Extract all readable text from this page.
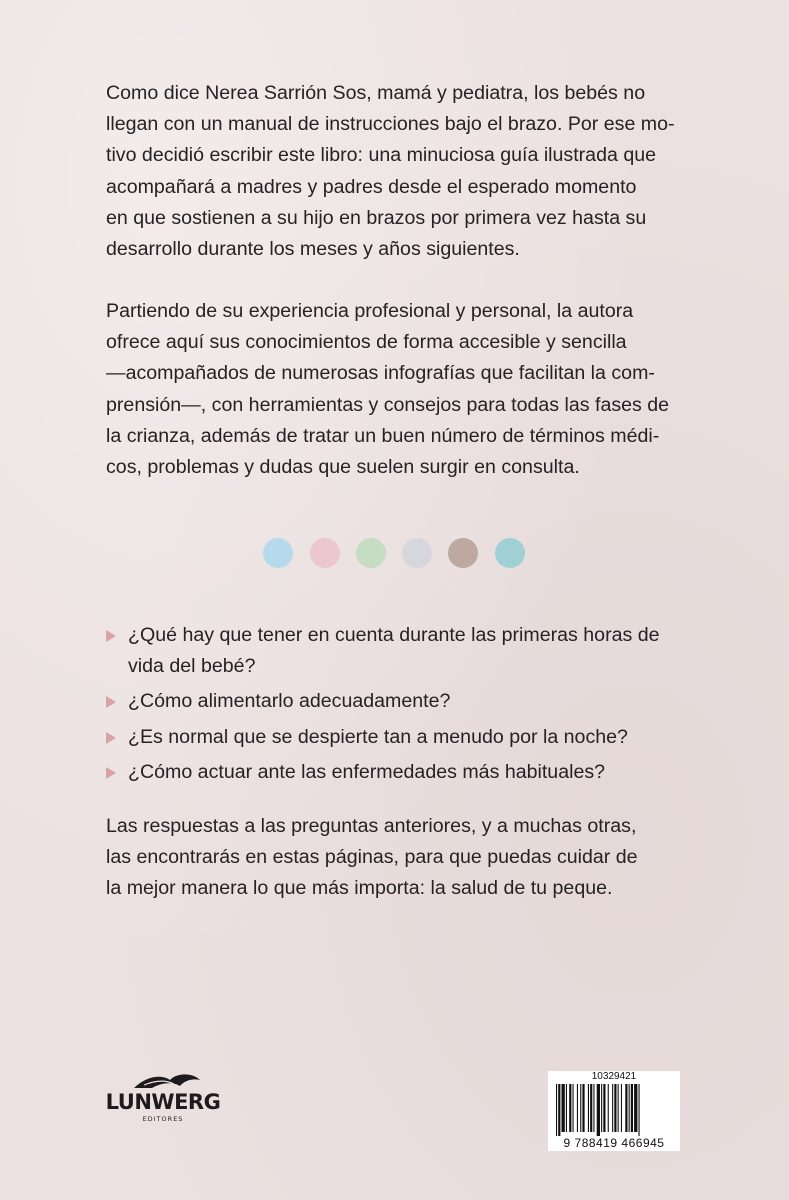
Como dice Nerea Sarrión Sos, mamá y pediatra, los bebés no
llegan con un manual de instrucciones bajo el brazo. Por ese mo-
tivo decidió escribir este libro: una minuciosa guía ilustrada que
acompañará a madres y padres desde el esperado momento
en que sostienen a su hijo en brazos por primera vez hasta su
desarrollo durante los meses y años siguientes.

Partiendo de su experiencia profesional y personal, la autora
ofrece aquí sus conocimientos de forma accesible y sencilla
—acompañados de numerosas infografías que facilitan la com-
prensión—, con herramientas y consejos para todas las fases de
la crianza, además de tratar un buen número de términos médi-
cos, problemas y dudas que suelen surgir en consulta.

¿Qué hay que tener en cuenta durante las primeras horas de
vida del bebé?
¿Cómo alimentarlo adecuadamente?
¿Es normal que se despierte tan a menudo por la noche?
¿Cómo actuar ante las enfermedades más habituales?

Las respuestas a las preguntas anteriores, y a muchas otras,
las encontrarás en estas páginas, para que puedas cuidar de
la mejor manera lo que más importa: la salud de tu peque.

LUNWERG
EDITORES
10329421
9 788419 466945
